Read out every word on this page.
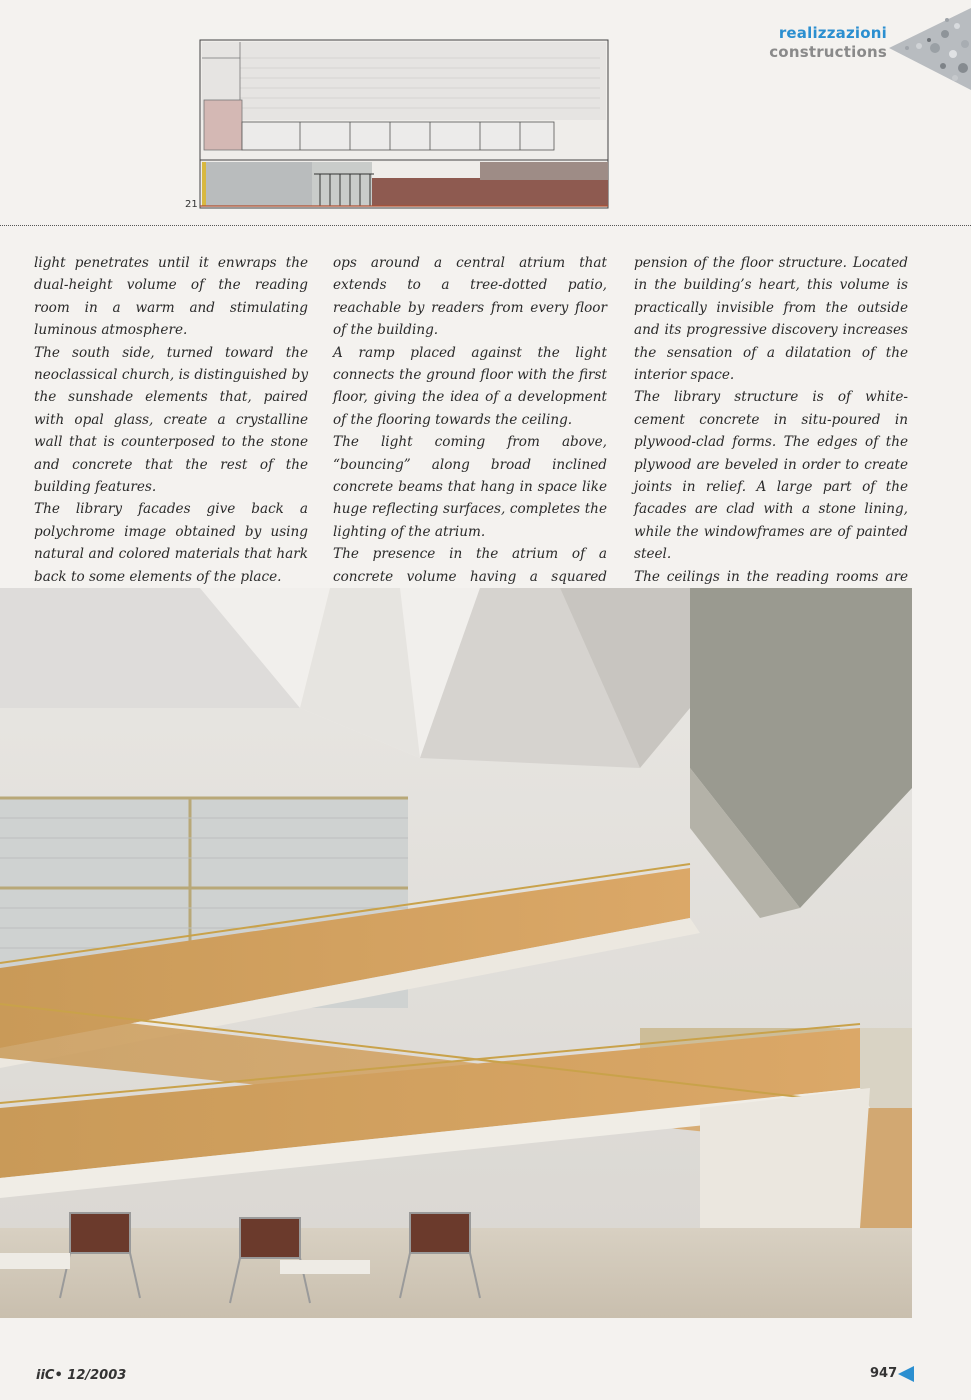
realizzazioni
constructions
21

light penetrates until it enwraps the dual-height volume of the reading room in a warm and stimulating luminous atmosphere.

The south side, turned toward the neoclassical church, is distinguished by the sunshade elements that, paired with opal glass, create a crystalline wall that is counterposed to the stone and concrete that the rest of the building features.

The library facades give back a polychrome image obtained by using natural and colored materials that hark back to some elements of the place.

ops around a central atrium that extends to a tree-dotted patio, reachable by readers from every floor of the building.

A ramp placed against the light connects the ground floor with the first floor, giving the idea of a development of the flooring towards the ceiling.

The light coming from above, “bouncing” along broad inclined concrete beams that hang in space like huge reflecting surfaces, completes the lighting of the atrium.

The presence in the atrium of a concrete volume having a squared

pension of the floor structure. Located in the building’s heart, this volume is practically invisible from the outside and its progressive discovery increases the sensation of a dilatation of the interior space.

The library structure is of white-cement concrete in situ-poured in plywood-clad forms. The edges of the plywood are beveled in order to create joints in relief. A large part of the facades are clad with a stone lining, while the windowframes are of painted steel.

The ceilings in the reading rooms are

iiC• 12/2003	947
